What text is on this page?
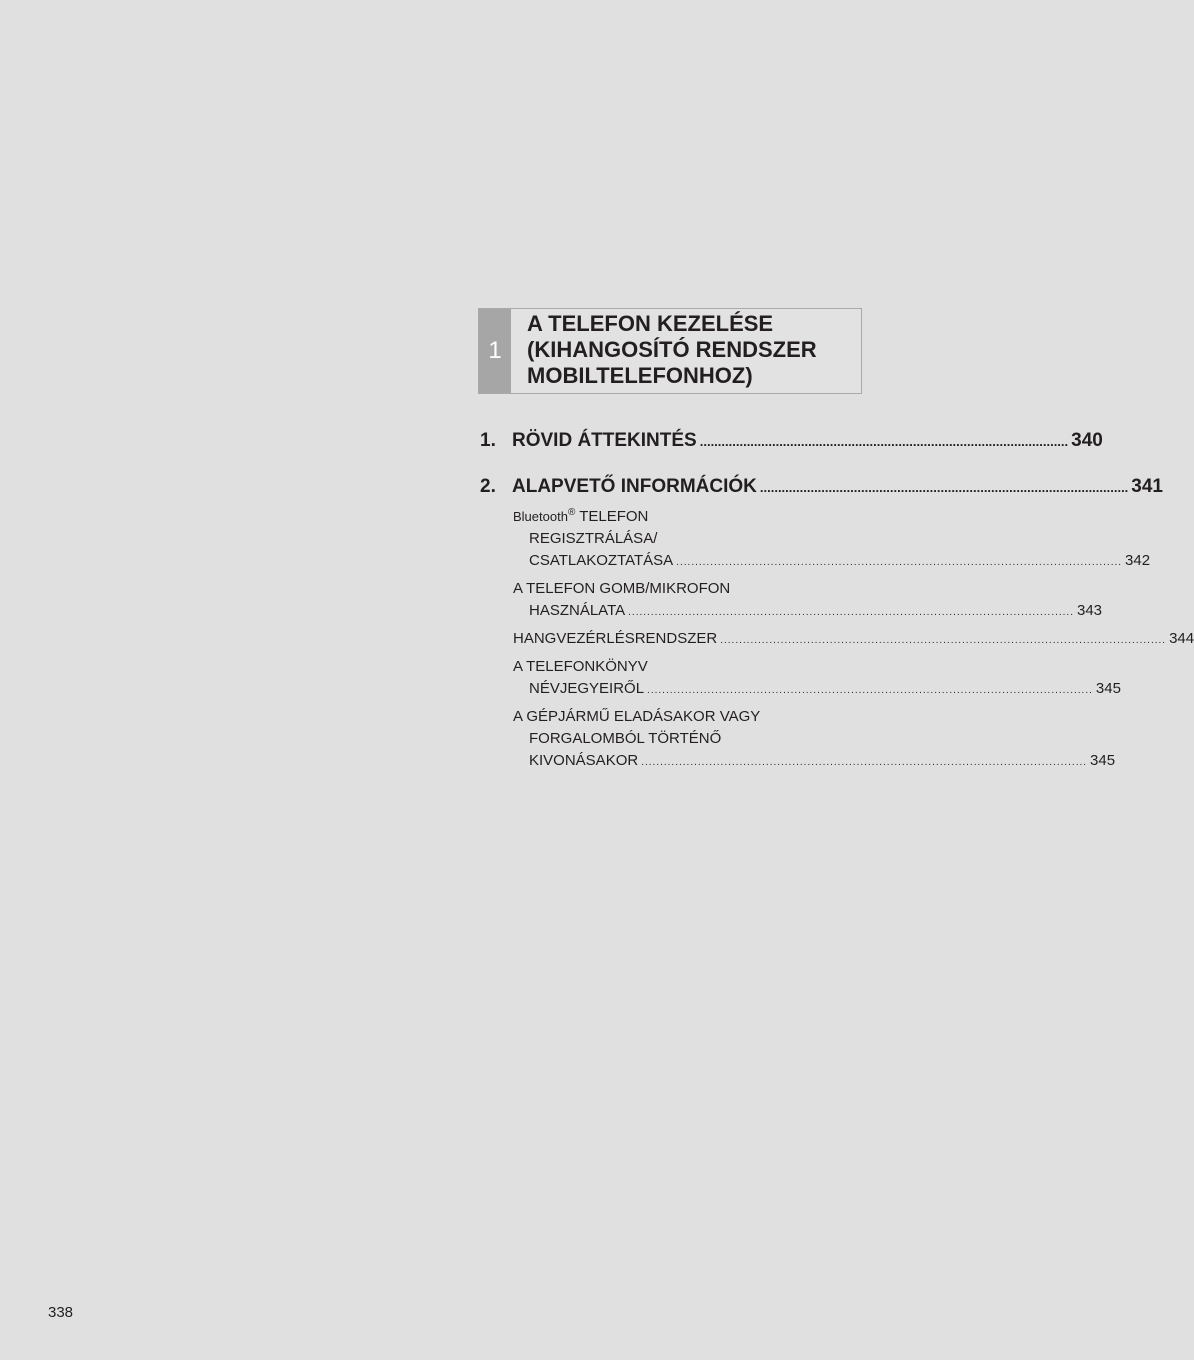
1
A TELEFON KEZELÉSE
(KIHANGOSÍTÓ RENDSZER
MOBILTELEFONHOZ)
1. RÖVID ÁTTEKINTÉS ...................................................................................................... 340
2. ALAPVETŐ INFORMÁCIÓK ...................................................................................................... 341
Bluetooth® TELEFON
REGISZTRÁLÁSA/
CSATLAKOZTATÁSA ...................................................................................................................... 342
A TELEFON GOMB/MIKROFON
HASZNÁLATA ...................................................................................................................... 343
HANGVEZÉRLÉSRENDSZER ...................................................................................................................... 344
A TELEFONKÖNYV
NÉVJEGYEIRŐL ...................................................................................................................... 345
A GÉPJÁRMŰ ELADÁSAKOR VAGY
FORGALOMBÓL TÖRTÉNŐ
KIVONÁSAKOR ...................................................................................................................... 345
338
